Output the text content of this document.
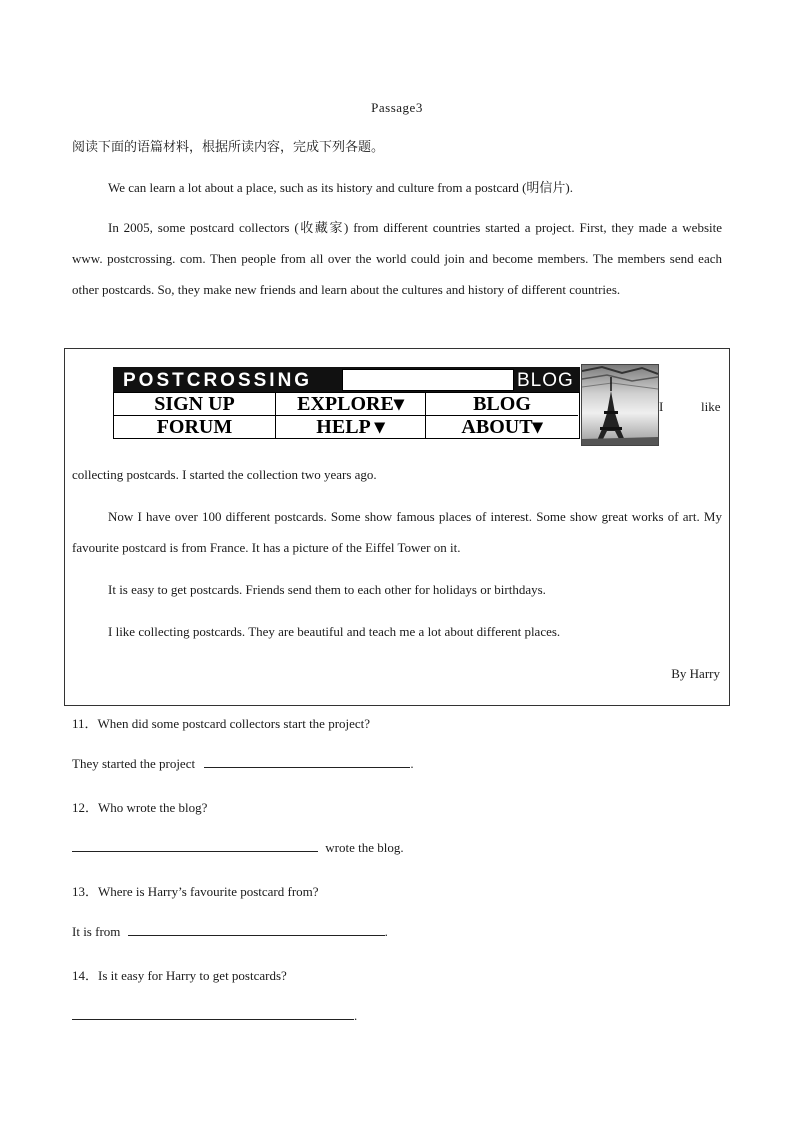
Passage3
阅读下面的语篇材料，根据所读内容，完成下列各题。
We can learn a lot about a place, such as its history and culture from a postcard (明信片).
In 2005, some postcard collectors (收藏家) from different countries started a project. First, they made a website www. postcrossing. com. Then people from all over the world could join and become members. The members send each other postcards. So, they make new friends and learn about the cultures and history of different countries.
POSTCROSSING	BLOG
SIGN UP	EXPLORE▾	BLOG
FORUM	HELP ▾	ABOUT▾
I	like
collecting postcards. I started the collection two years ago.
Now I have over 100 different postcards. Some show famous places of interest. Some show great works of art. My favourite postcard is from France. It has a picture of the Eiffel Tower on it.
It is easy to get postcards. Friends send them to each other for holidays or birthdays.
I like collecting postcards. They are beautiful and teach me a lot about different places.
By Harry
11．When did some postcard collectors start the project?
They started the project	.
12．Who wrote the blog?
wrote the blog.
13．Where is Harry’s favourite postcard from?
It is from	.
14．Is it easy for Harry to get postcards?
.
